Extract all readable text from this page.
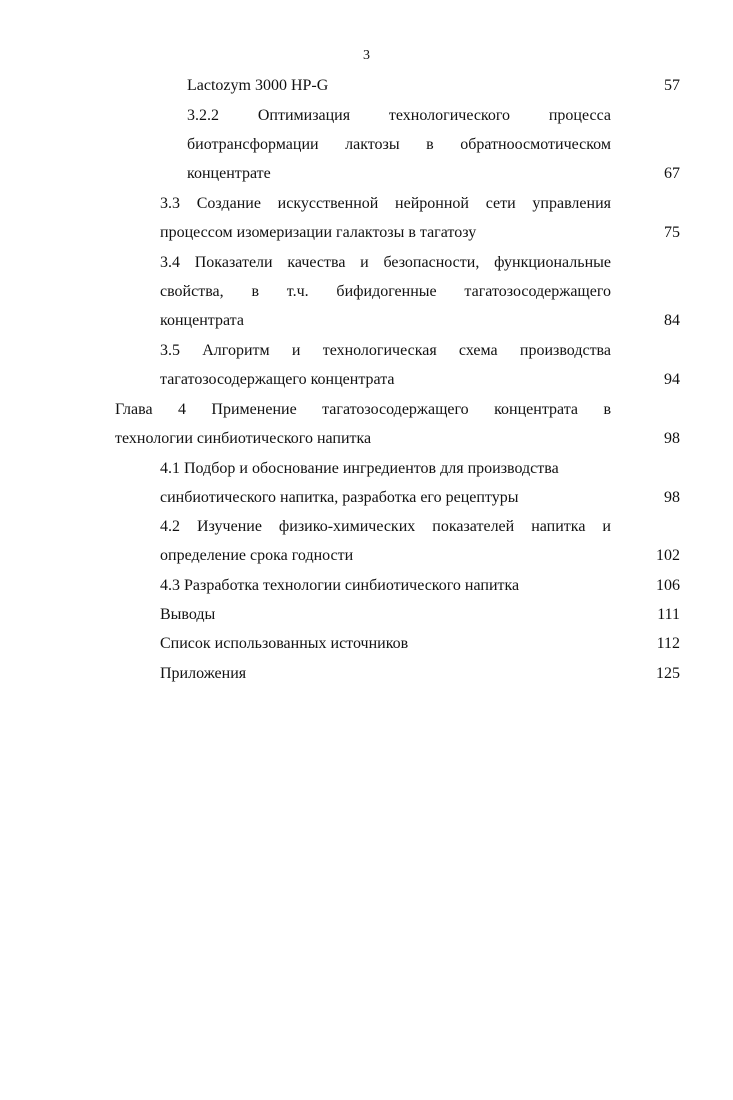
3
Lactozym 3000 HP-G	57
3.2.2 Оптимизация технологического процесса
биотрансформации лактозы в обратноосмотическом
концентрате	67
3.3 Создание искусственной нейронной сети управления
процессом изомеризации галактозы в тагатозу	75
3.4 Показатели качества и безопасности, функциональные
свойства, в т.ч. бифидогенные тагатозосодержащего
концентрата	84
3.5 Алгоритм и технологическая схема производства
тагатозосодержащего концентрата	94
Глава 4 Применение тагатозосодержащего концентрата в
технологии синбиотического напитка	98
4.1 Подбор и обоснование ингредиентов для производства
синбиотического напитка, разработка его рецептуры	98
4.2 Изучение физико-химических показателей напитка и
определение срока годности	102
4.3 Разработка технологии синбиотического напитка	106
Выводы	111
Список использованных источников	112
Приложения	125
